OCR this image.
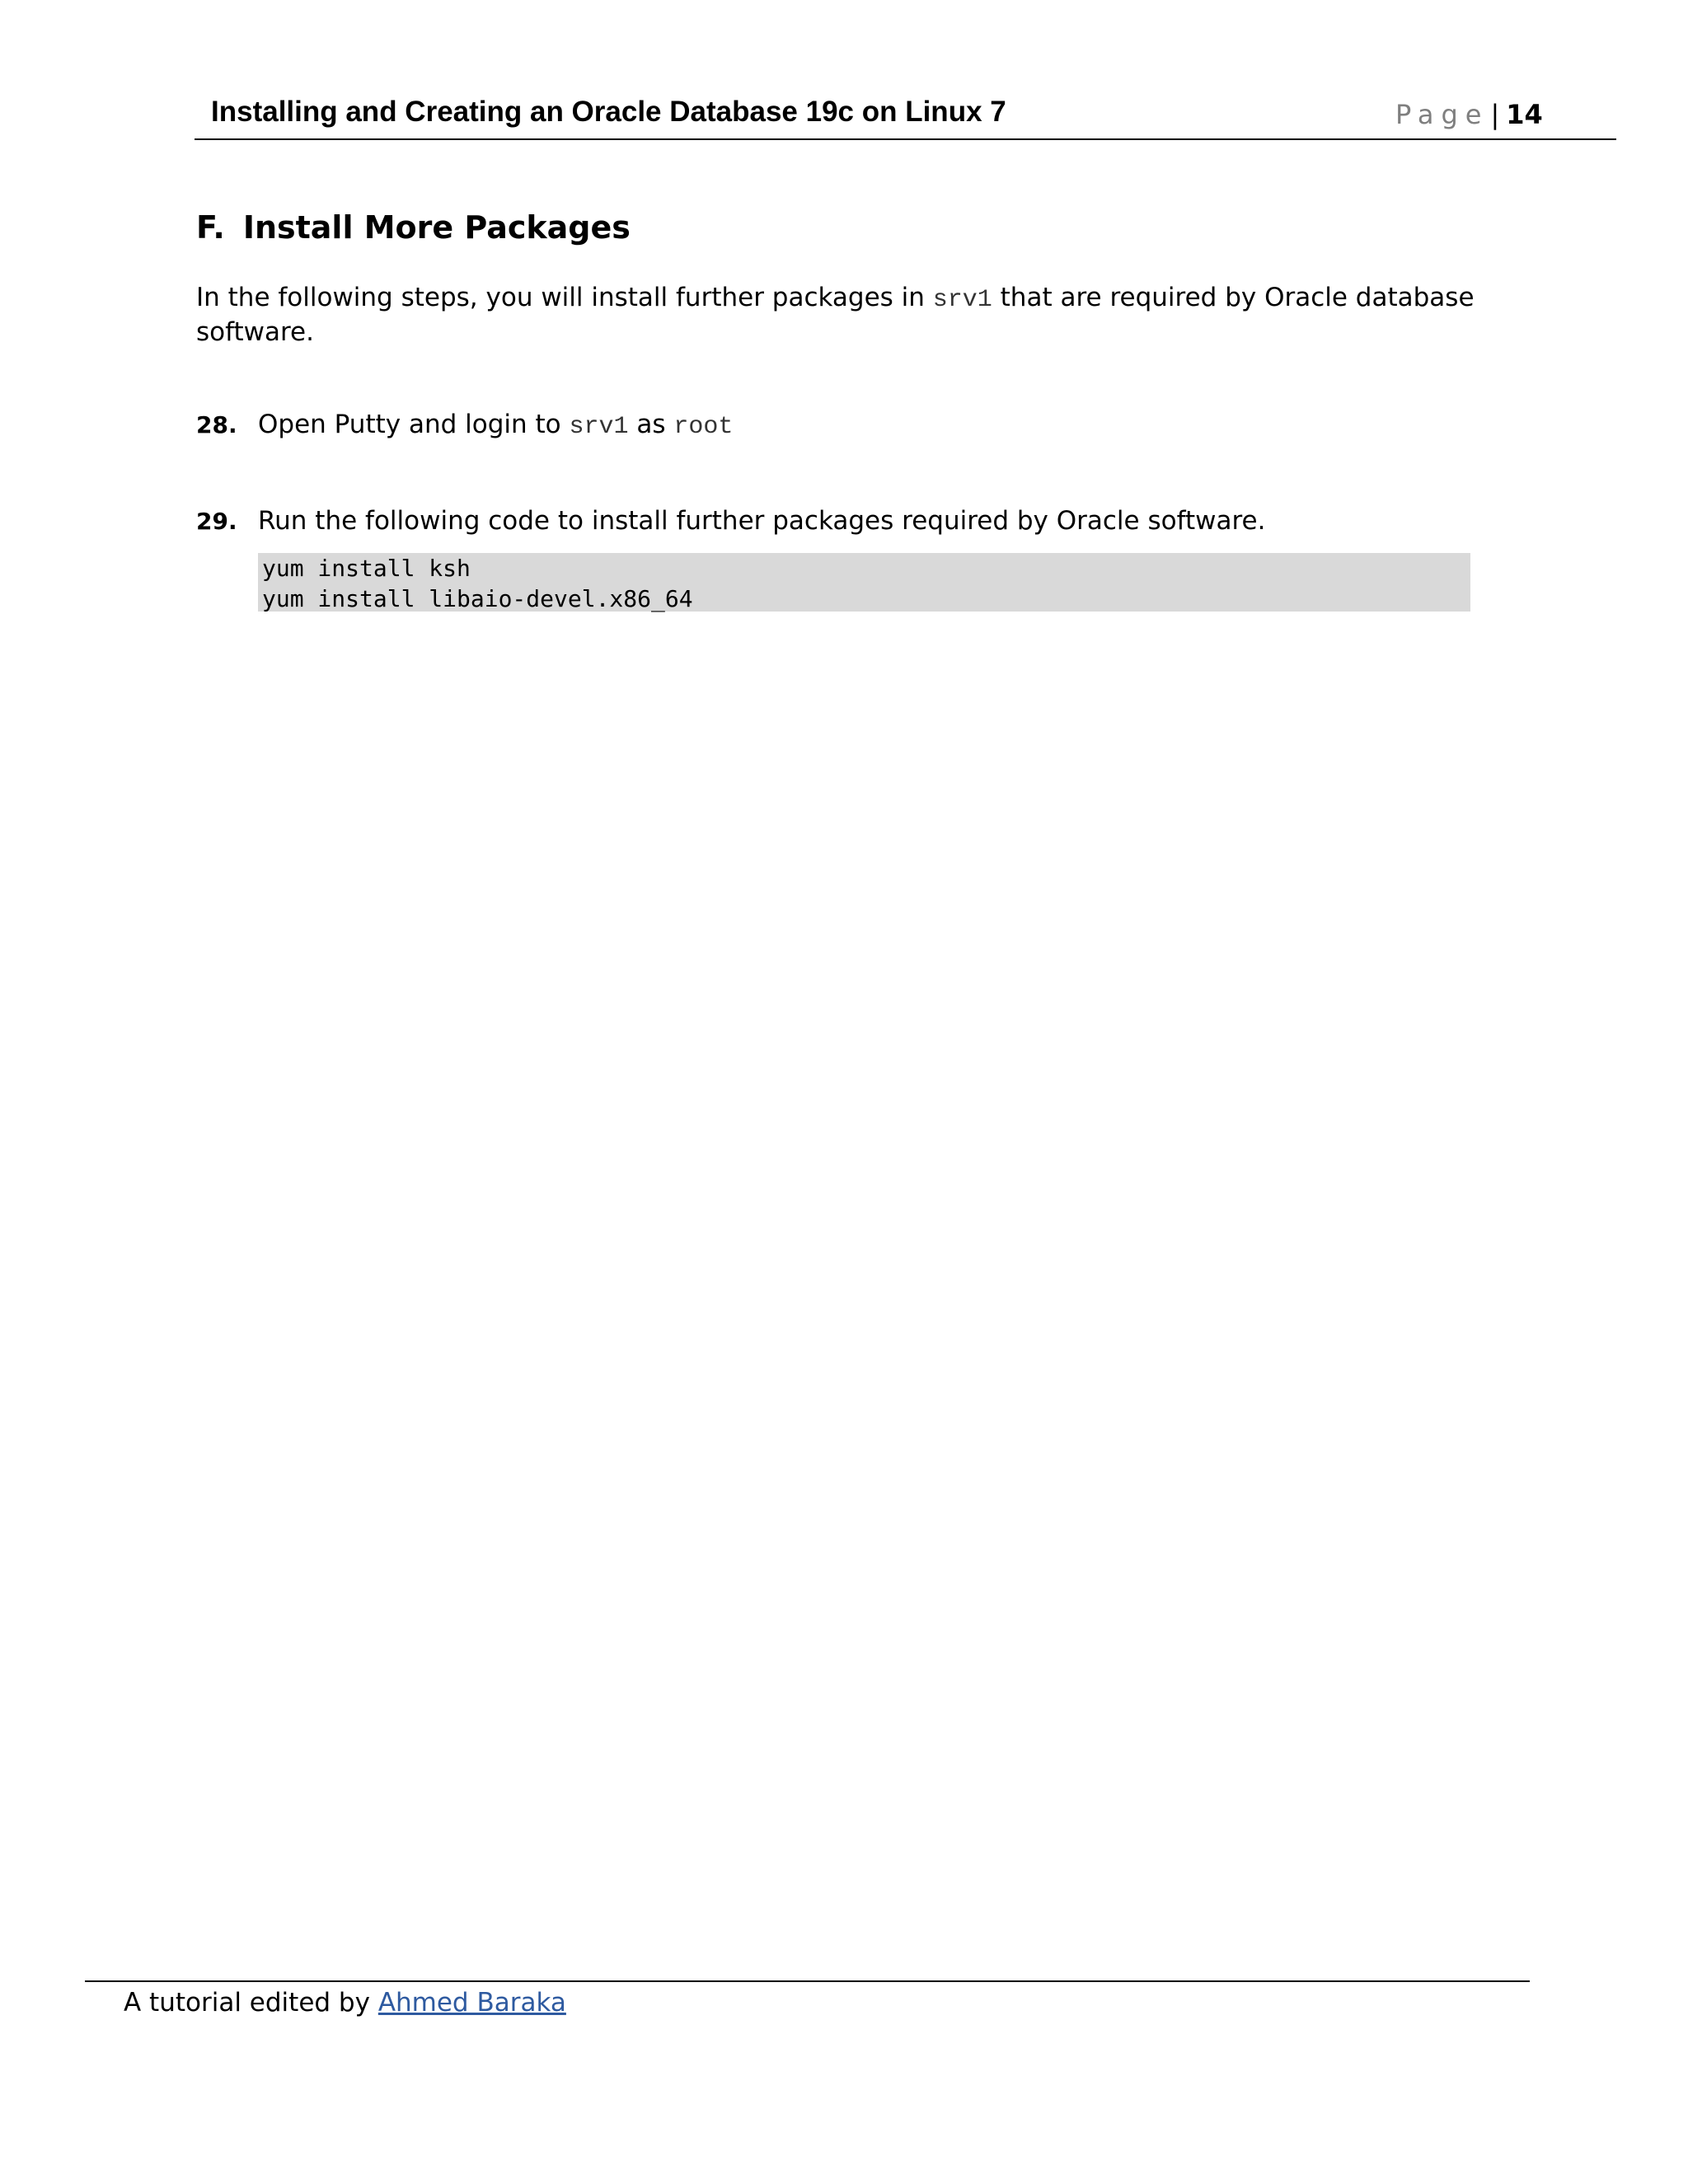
Installing and Creating an Oracle Database 19c on Linux 7	Page| 14
F. Install More Packages
In the following steps, you will install further packages in srv1 that are required by Oracle database software.
28. Open Putty and login to srv1 as root
29. Run the following code to install further packages required by Oracle software.
yum install ksh
yum install libaio-devel.x86_64
A tutorial edited by Ahmed Baraka
